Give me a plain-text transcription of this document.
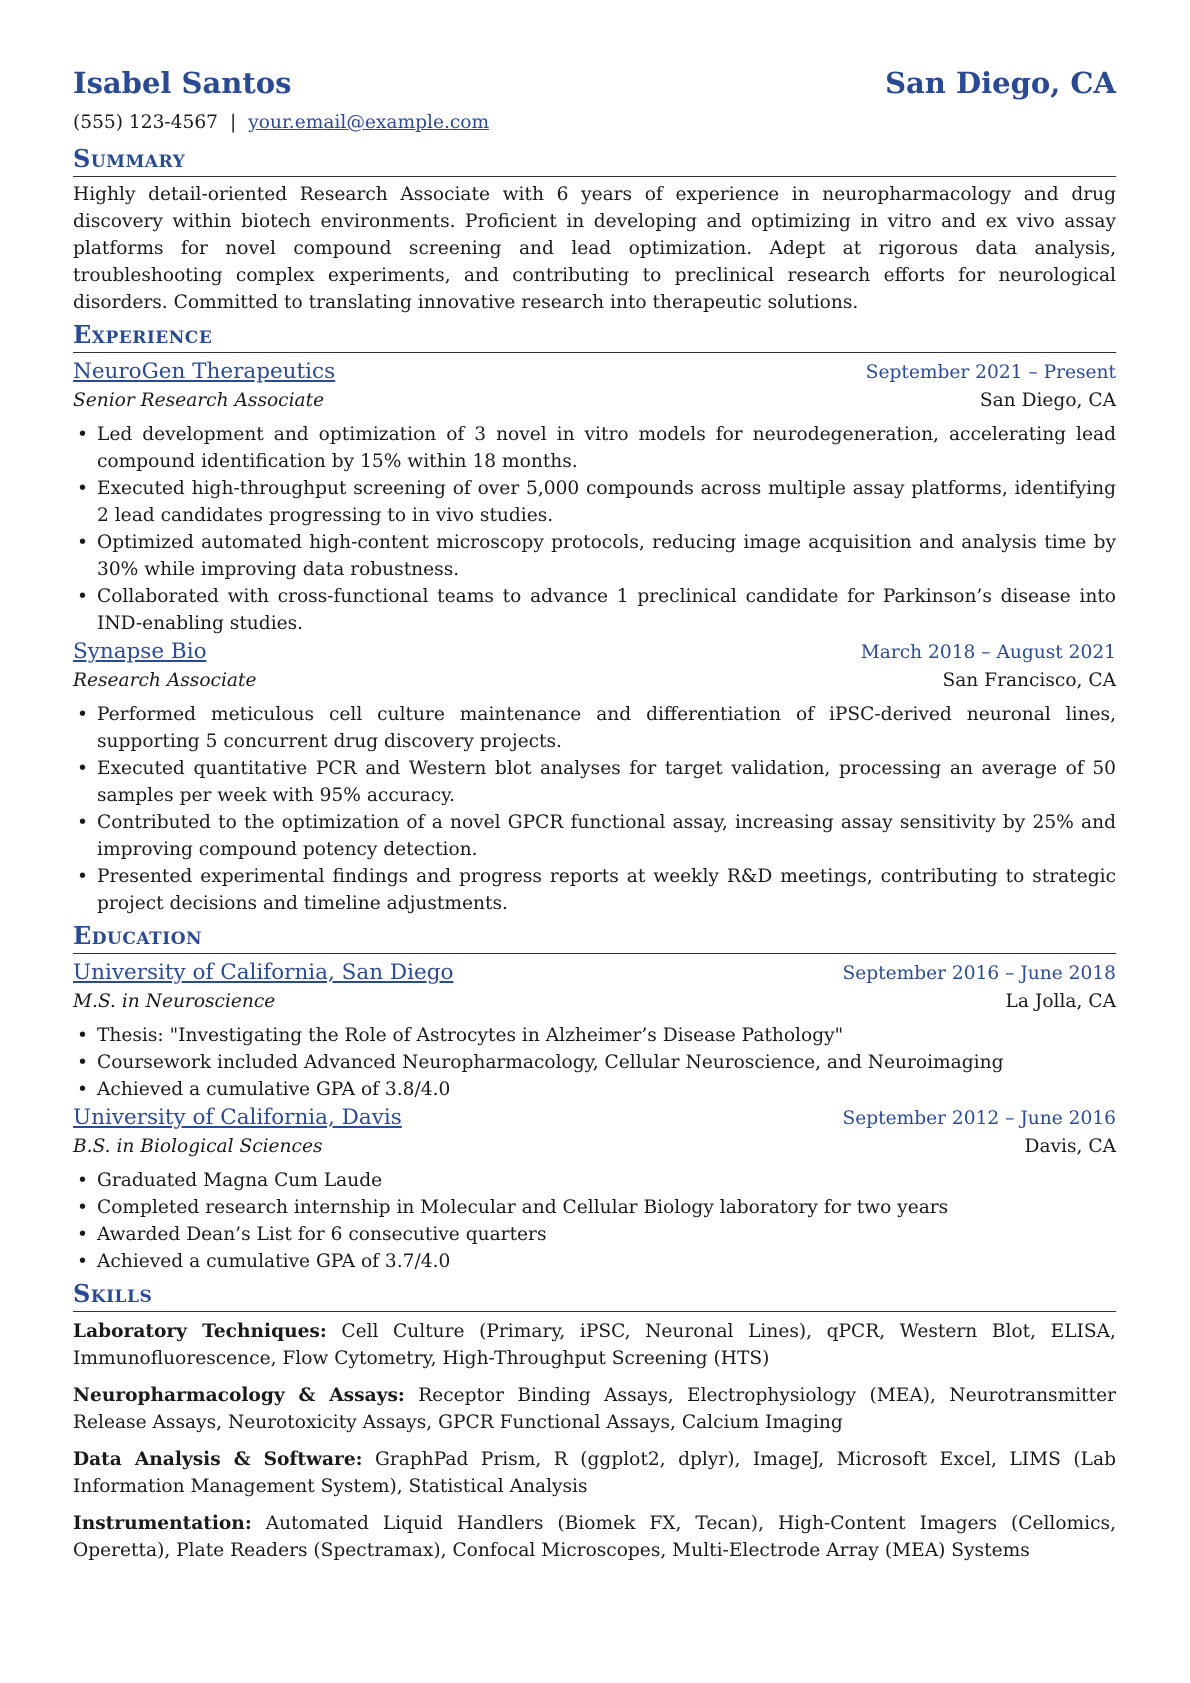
Isabel Santos	San Diego, CA
(555) 123-4567 | your.email@example.com
Summary
Highly detail-oriented Research Associate with 6 years of experience in neuropharmacology and drug discovery within biotech environments. Proficient in developing and optimizing in vitro and ex vivo assay platforms for novel compound screening and lead optimization. Adept at rigorous data analysis, troubleshooting complex experiments, and contributing to preclinical research efforts for neurological disorders. Committed to translating innovative research into therapeutic solutions.
Experience
NeuroGen Therapeutics	September 2021 – Present
Senior Research Associate	San Diego, CA
• Led development and optimization of 3 novel in vitro models for neurodegeneration, accelerating lead compound identification by 15% within 18 months.
• Executed high-throughput screening of over 5,000 compounds across multiple assay platforms, identifying 2 lead candidates progressing to in vivo studies.
• Optimized automated high-content microscopy protocols, reducing image acquisition and analysis time by 30% while improving data robustness.
• Collaborated with cross-functional teams to advance 1 preclinical candidate for Parkinson’s disease into IND-enabling studies.
Synapse Bio	March 2018 – August 2021
Research Associate	San Francisco, CA
• Performed meticulous cell culture maintenance and differentiation of iPSC-derived neuronal lines, supporting 5 concurrent drug discovery projects.
• Executed quantitative PCR and Western blot analyses for target validation, processing an average of 50 samples per week with 95% accuracy.
• Contributed to the optimization of a novel GPCR functional assay, increasing assay sensitivity by 25% and improving compound potency detection.
• Presented experimental findings and progress reports at weekly R&D meetings, contributing to strategic project decisions and timeline adjustments.
Education
University of California, San Diego	September 2016 – June 2018
M.S. in Neuroscience	La Jolla, CA
• Thesis: "Investigating the Role of Astrocytes in Alzheimer’s Disease Pathology"
• Coursework included Advanced Neuropharmacology, Cellular Neuroscience, and Neuroimaging
• Achieved a cumulative GPA of 3.8/4.0
University of California, Davis	September 2012 – June 2016
B.S. in Biological Sciences	Davis, CA
• Graduated Magna Cum Laude
• Completed research internship in Molecular and Cellular Biology laboratory for two years
• Awarded Dean’s List for 6 consecutive quarters
• Achieved a cumulative GPA of 3.7/4.0
Skills
Laboratory Techniques: Cell Culture (Primary, iPSC, Neuronal Lines), qPCR, Western Blot, ELISA, Immunofluorescence, Flow Cytometry, High-Throughput Screening (HTS)
Neuropharmacology & Assays: Receptor Binding Assays, Electrophysiology (MEA), Neurotransmitter Release Assays, Neurotoxicity Assays, GPCR Functional Assays, Calcium Imaging
Data Analysis & Software: GraphPad Prism, R (ggplot2, dplyr), ImageJ, Microsoft Excel, LIMS (Lab Information Management System), Statistical Analysis
Instrumentation: Automated Liquid Handlers (Biomek FX, Tecan), High-Content Imagers (Cellomics, Operetta), Plate Readers (Spectramax), Confocal Microscopes, Multi-Electrode Array (MEA) Systems
